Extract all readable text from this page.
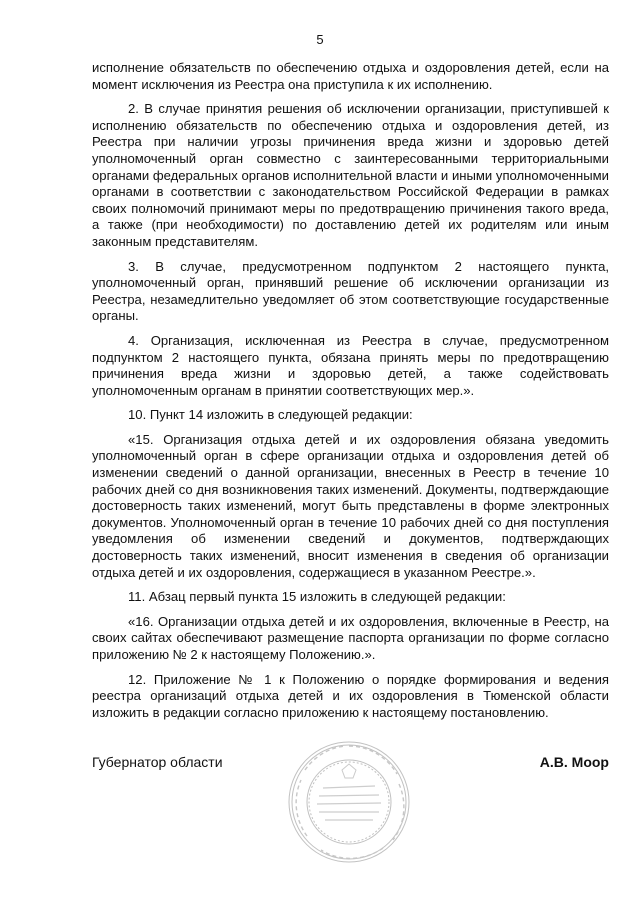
5

исполнение обязательств по обеспечению отдыха и оздоровления детей, если на момент исключения из Реестра она приступила к их исполнению.

2. В случае принятия решения об исключении организации, приступившей к исполнению обязательств по обеспечению отдыха и оздоровления детей, из Реестра при наличии угрозы причинения вреда жизни и здоровью детей уполномоченный орган совместно с заинтересованными территориальными органами федеральных органов исполнительной власти и иными уполномоченными органами в соответствии с законодательством Российской Федерации в рамках своих полномочий принимают меры по предотвращению причинения такого вреда, а также (при необходимости) по доставлению детей их родителям или иным законным представителям.

3. В случае, предусмотренном подпунктом 2 настоящего пункта, уполномоченный орган, принявший решение об исключении организации из Реестра, незамедлительно уведомляет об этом соответствующие государственные органы.

4. Организация, исключенная из Реестра в случае, предусмотренном подпунктом 2 настоящего пункта, обязана принять меры по предотвращению причинения вреда жизни и здоровью детей, а также содействовать уполномоченным органам в принятии соответствующих мер.».

10. Пункт 14 изложить в следующей редакции:

«15. Организация отдыха детей и их оздоровления обязана уведомить уполномоченный орган в сфере организации отдыха и оздоровления детей об изменении сведений о данной организации, внесенных в Реестр в течение 10 рабочих дней со дня возникновения таких изменений. Документы, подтверждающие достоверность таких изменений, могут быть представлены в форме электронных документов. Уполномоченный орган в течение 10 рабочих дней со дня поступления уведомления об изменении сведений и документов, подтверждающих достоверность таких изменений, вносит изменения в сведения об организации отдыха детей и их оздоровления, содержащиеся в указанном Реестре.».

11. Абзац первый пункта 15 изложить в следующей редакции:

«16. Организации отдыха детей и их оздоровления, включенные в Реестр, на своих сайтах обеспечивают размещение паспорта организации по форме согласно приложению № 2 к настоящему Положению.».

12. Приложение № 1 к Положению о порядке формирования и ведения реестра организаций отдыха детей и их оздоровления в Тюменской области изложить в редакции согласно приложению к настоящему постановлению.

Губернатор области	А.В. Моор
